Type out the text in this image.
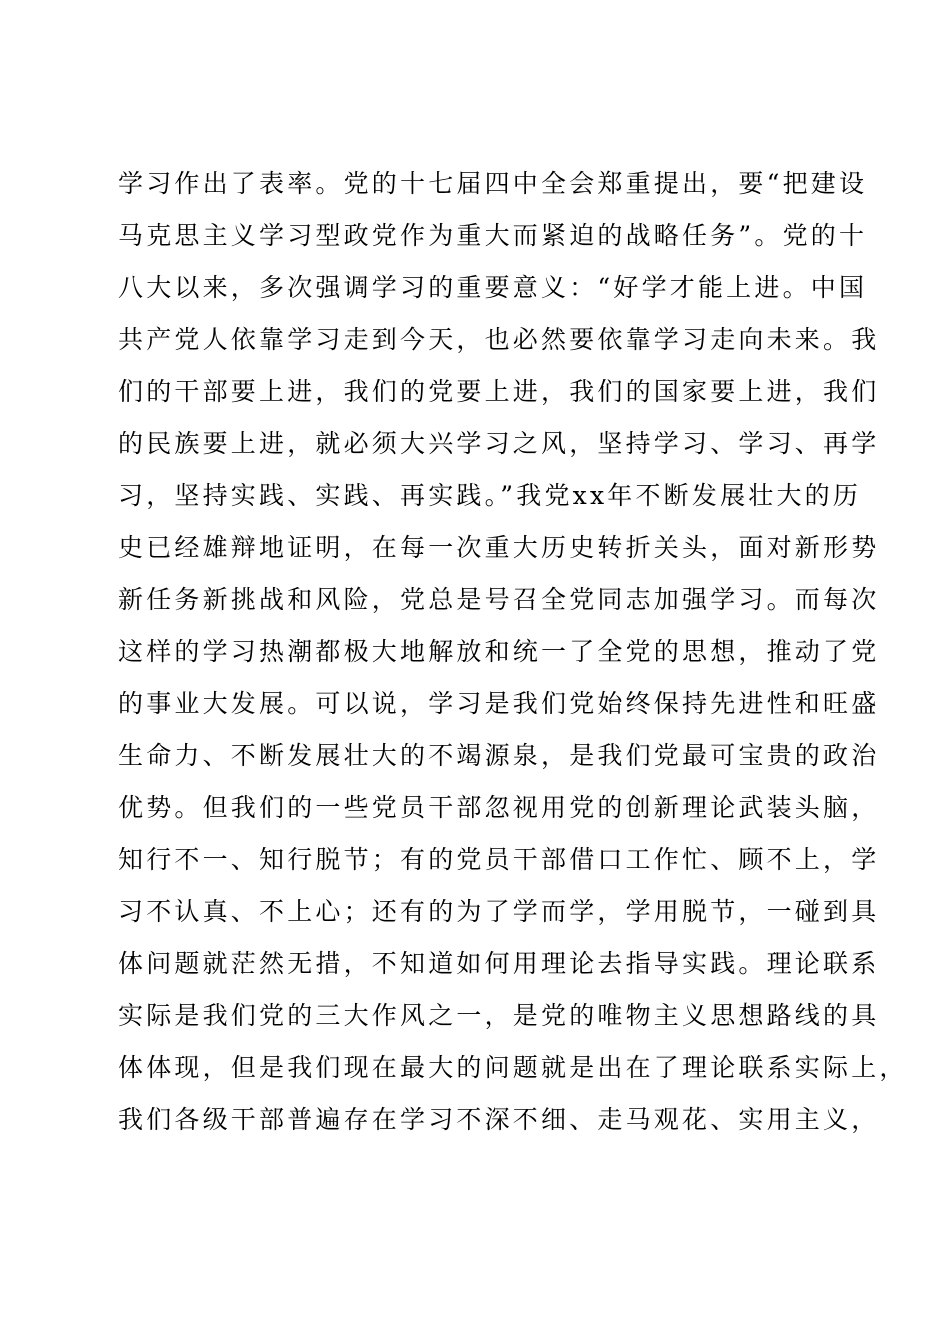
学习作出了表率。党的十七届四中全会郑重提出，要“把建设
马克思主义学习型政党作为重大而紧迫的战略任务”。党的十
八大以来，多次强调学习的重要意义：“好学才能上进。中国
共产党人依靠学习走到今天，也必然要依靠学习走向未来。我
们的干部要上进，我们的党要上进，我们的国家要上进，我们
的民族要上进，就必须大兴学习之风，坚持学习、学习、再学
习，坚持实践、实践、再实践。”我党xx年不断发展壮大的历
史已经雄辩地证明，在每一次重大历史转折关头，面对新形势
新任务新挑战和风险，党总是号召全党同志加强学习。而每次
这样的学习热潮都极大地解放和统一了全党的思想，推动了党
的事业大发展。可以说，学习是我们党始终保持先进性和旺盛
生命力、不断发展壮大的不竭源泉，是我们党最可宝贵的政治
优势。但我们的一些党员干部忽视用党的创新理论武装头脑，
知行不一、知行脱节；有的党员干部借口工作忙、顾不上，学
习不认真、不上心；还有的为了学而学，学用脱节，一碰到具
体问题就茫然无措，不知道如何用理论去指导实践。理论联系
实际是我们党的三大作风之一，是党的唯物主义思想路线的具
体体现，但是我们现在最大的问题就是出在了理论联系实际上，
我们各级干部普遍存在学习不深不细、走马观花、实用主义，
